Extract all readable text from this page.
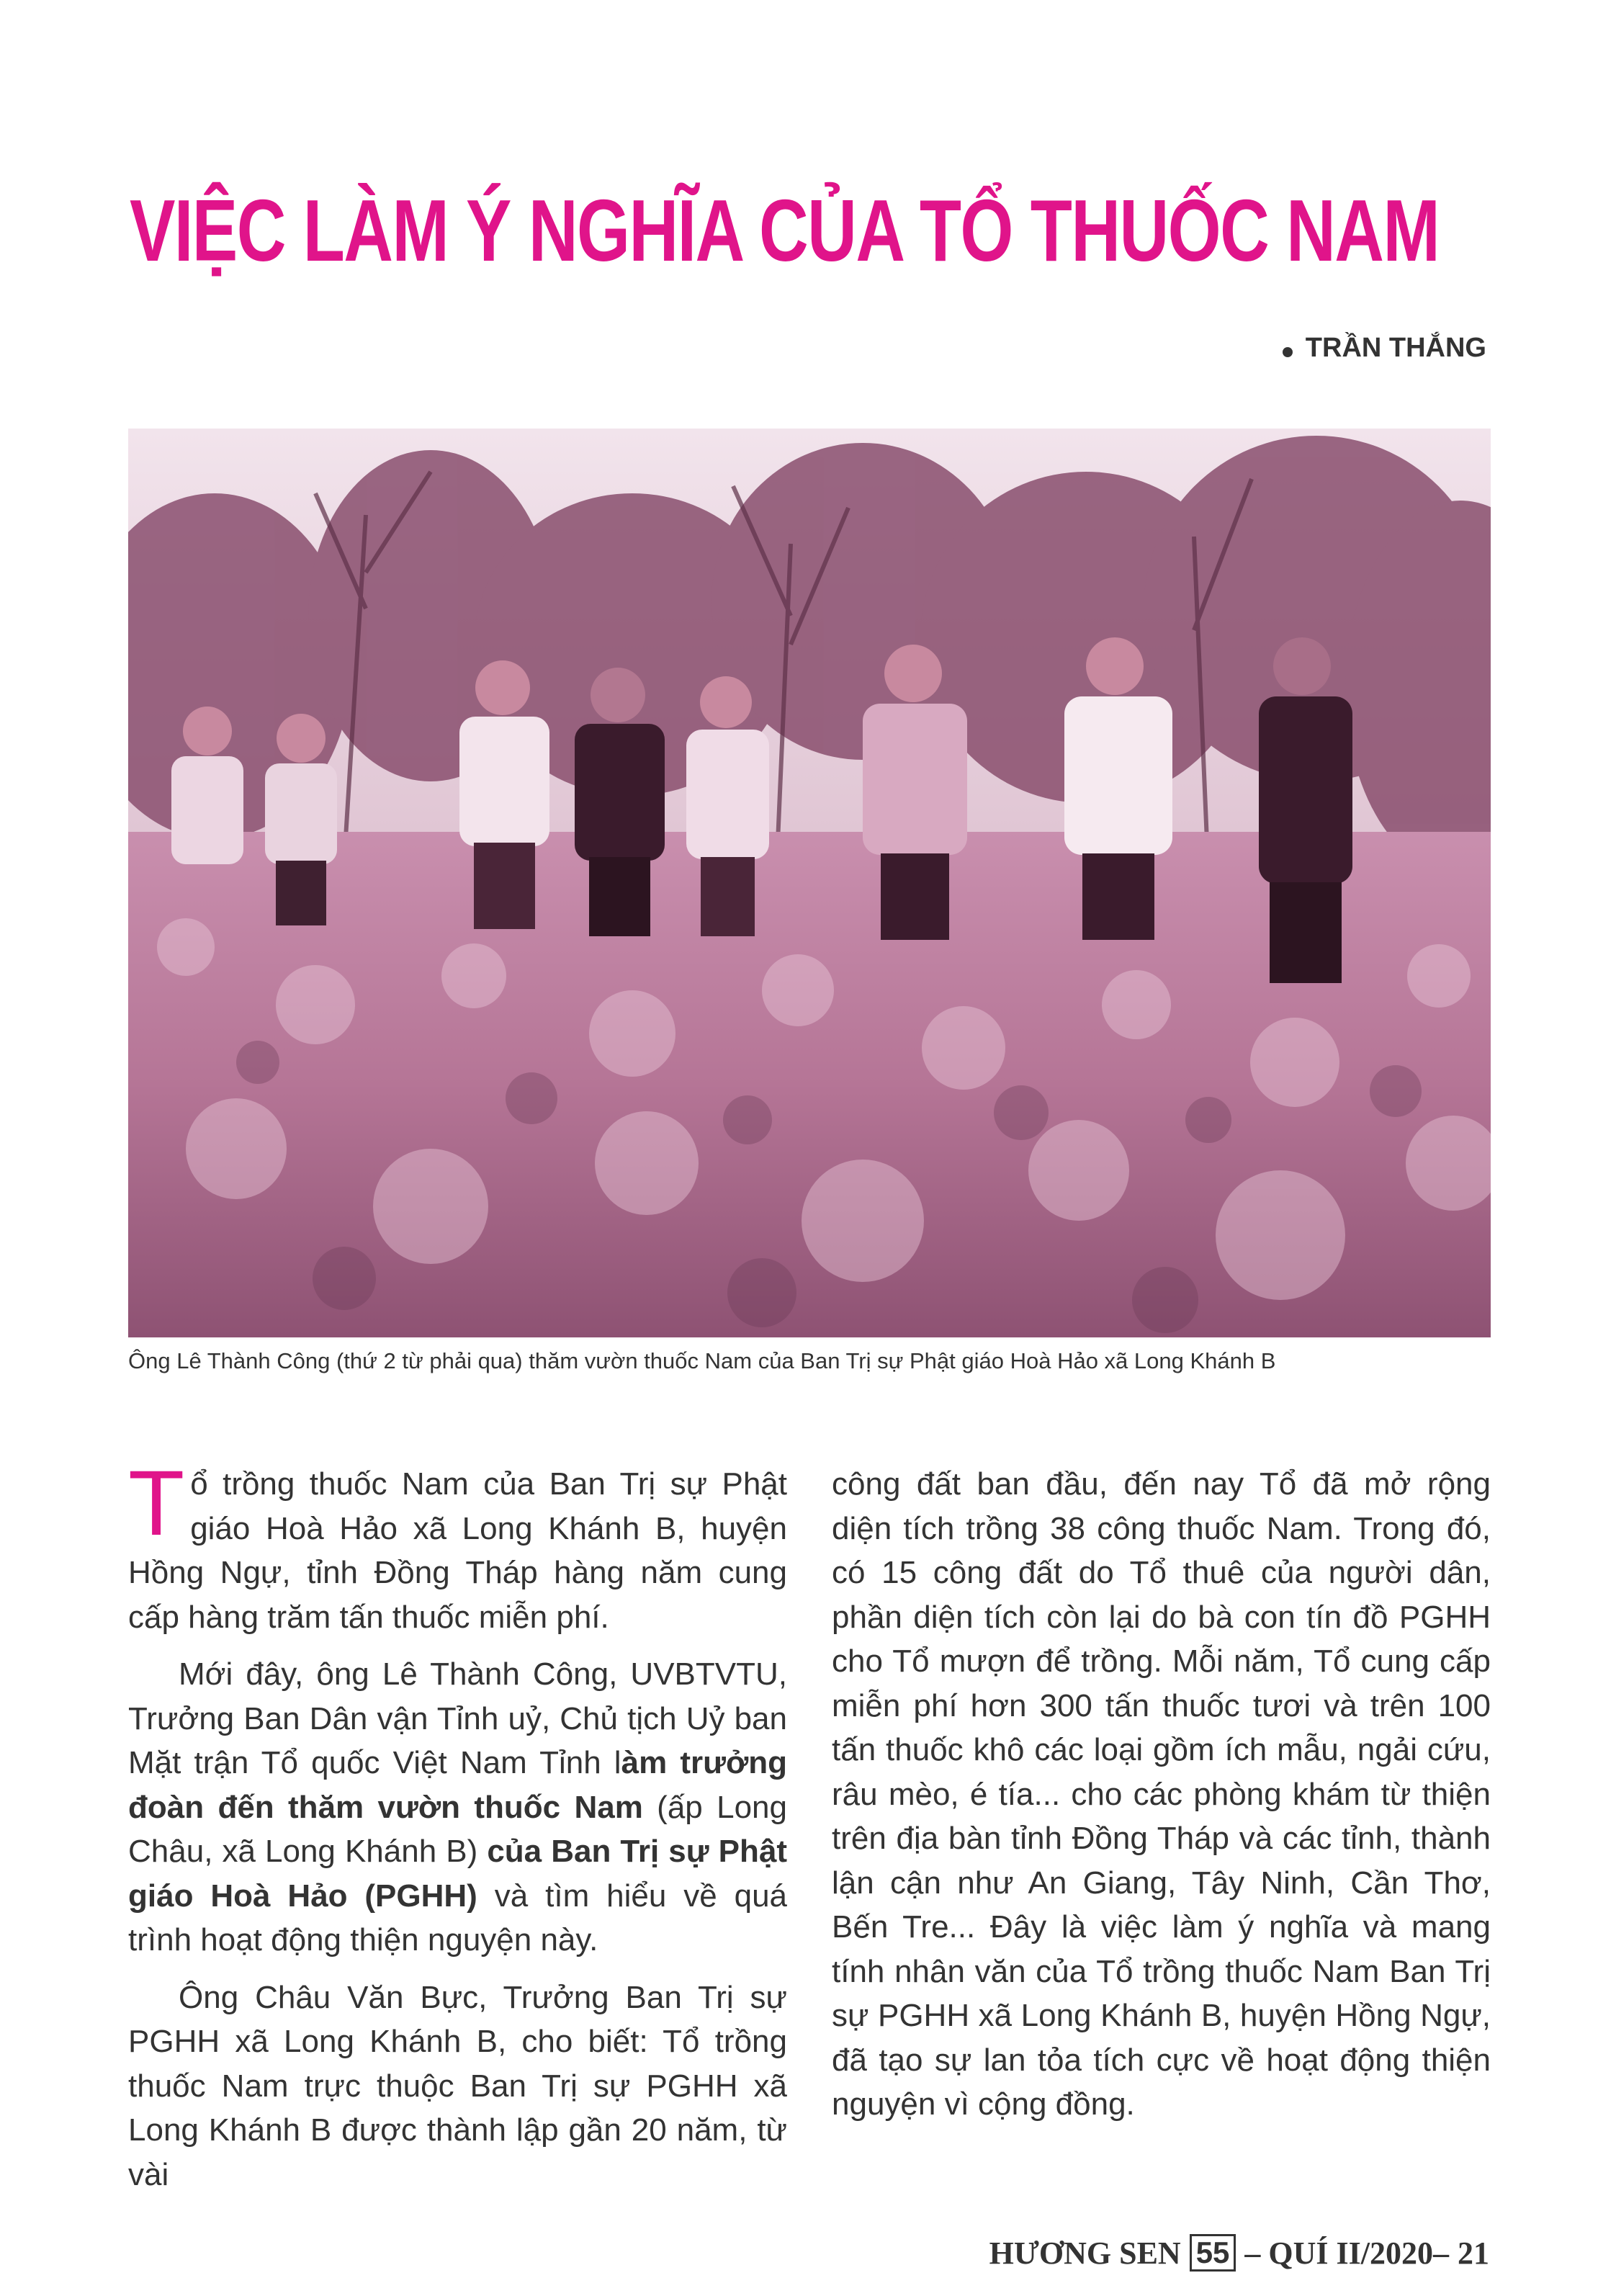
VIỆC LÀM Ý NGHĨA CỦA TỔ THUỐC NAM
TRẦN THẮNG
Ông Lê Thành Công (thứ 2 từ phải qua) thăm vườn thuốc Nam của Ban Trị sự Phật giáo Hoà Hảo xã Long Khánh B

Tổ trồng thuốc Nam của Ban Trị sự Phật giáo Hoà Hảo xã Long Khánh B, huyện Hồng Ngự, tỉnh Đồng Tháp hàng năm cung cấp hàng trăm tấn thuốc miễn phí.

Mới đây, ông Lê Thành Công, UVBTVTU, Trưởng Ban Dân vận Tỉnh uỷ, Chủ tịch Uỷ ban Mặt trận Tổ quốc Việt Nam Tỉnh làm trưởng đoàn đến thăm vườn thuốc Nam (ấp Long Châu, xã Long Khánh B) của Ban Trị sự Phật giáo Hoà Hảo (PGHH) và tìm hiểu về quá trình hoạt động thiện nguyện này.

Ông Châu Văn Bực, Trưởng Ban Trị sự PGHH xã Long Khánh B, cho biết: Tổ trồng thuốc Nam trực thuộc Ban Trị sự PGHH xã Long Khánh B được thành lập gần 20 năm, từ vài

công đất ban đầu, đến nay Tổ đã mở rộng diện tích trồng 38 công thuốc Nam. Trong đó, có 15 công đất do Tổ thuê của người dân, phần diện tích còn lại do bà con tín đồ PGHH cho Tổ mượn để trồng. Mỗi năm, Tổ cung cấp miễn phí hơn 300 tấn thuốc tươi và trên 100 tấn thuốc khô các loại gồm ích mẫu, ngải cứu, râu mèo, é tía... cho các phòng khám từ thiện trên địa bàn tỉnh Đồng Tháp và các tỉnh, thành lận cận như An Giang, Tây Ninh, Cần Thơ, Bến Tre... Đây là việc làm ý nghĩa và mang tính nhân văn của Tổ trồng thuốc Nam Ban Trị sự PGHH xã Long Khánh B, huyện Hồng Ngự, đã tạo sự lan tỏa tích cực về hoạt động thiện nguyện vì cộng đồng.

HƯƠNG SEN 55 – QUÍ II/2020– 21
